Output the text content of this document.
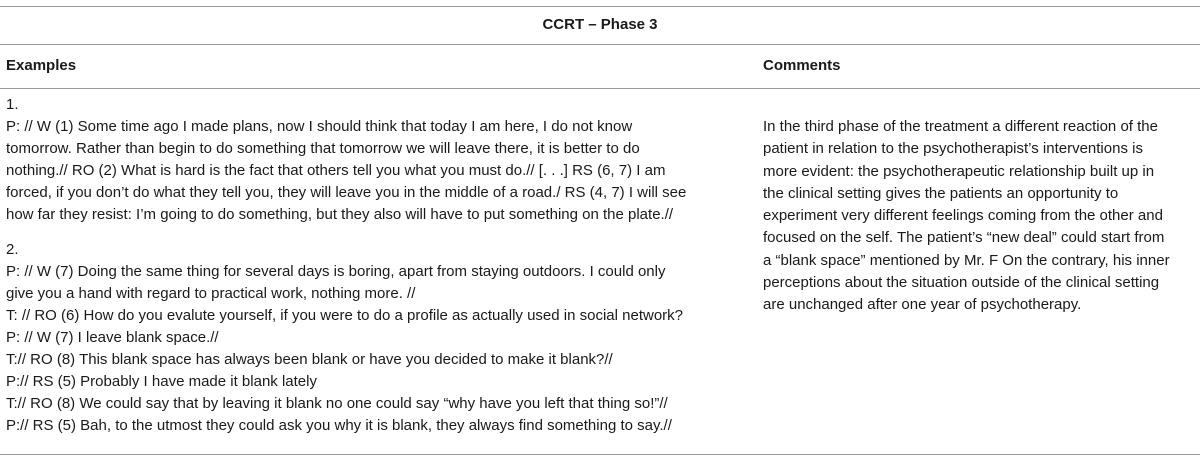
CCRT – Phase 3
Examples	Comments
1.
P: // W (1) Some time ago I made plans, now I should think that today I am here, I do not know
tomorrow. Rather than begin to do something that tomorrow we will leave there, it is better to do
nothing.// RO (2) What is hard is the fact that others tell you what you must do.// [. . .] RS (6, 7) I am
forced, if you don’t do what they tell you, they will leave you in the middle of a road./ RS (4, 7) I will see
how far they resist: I’m going to do something, but they also will have to put something on the plate.//
2.
P: // W (7) Doing the same thing for several days is boring, apart from staying outdoors. I could only
give you a hand with regard to practical work, nothing more. //
T: // RO (6) How do you evalute yourself, if you were to do a profile as actually used in social network?
P: // W (7) I leave blank space.//
T:// RO (8) This blank space has always been blank or have you decided to make it blank?//
P:// RS (5) Probably I have made it blank lately
T:// RO (8) We could say that by leaving it blank no one could say “why have you left that thing so!”//
P:// RS (5) Bah, to the utmost they could ask you why it is blank, they always find something to say.//
In the third phase of the treatment a different reaction of the
patient in relation to the psychotherapist’s interventions is
more evident: the psychotherapeutic relationship built up in
the clinical setting gives the patients an opportunity to
experiment very different feelings coming from the other and
focused on the self. The patient’s “new deal” could start from
a “blank space” mentioned by Mr. F On the contrary, his inner
perceptions about the situation outside of the clinical setting
are unchanged after one year of psychotherapy.
